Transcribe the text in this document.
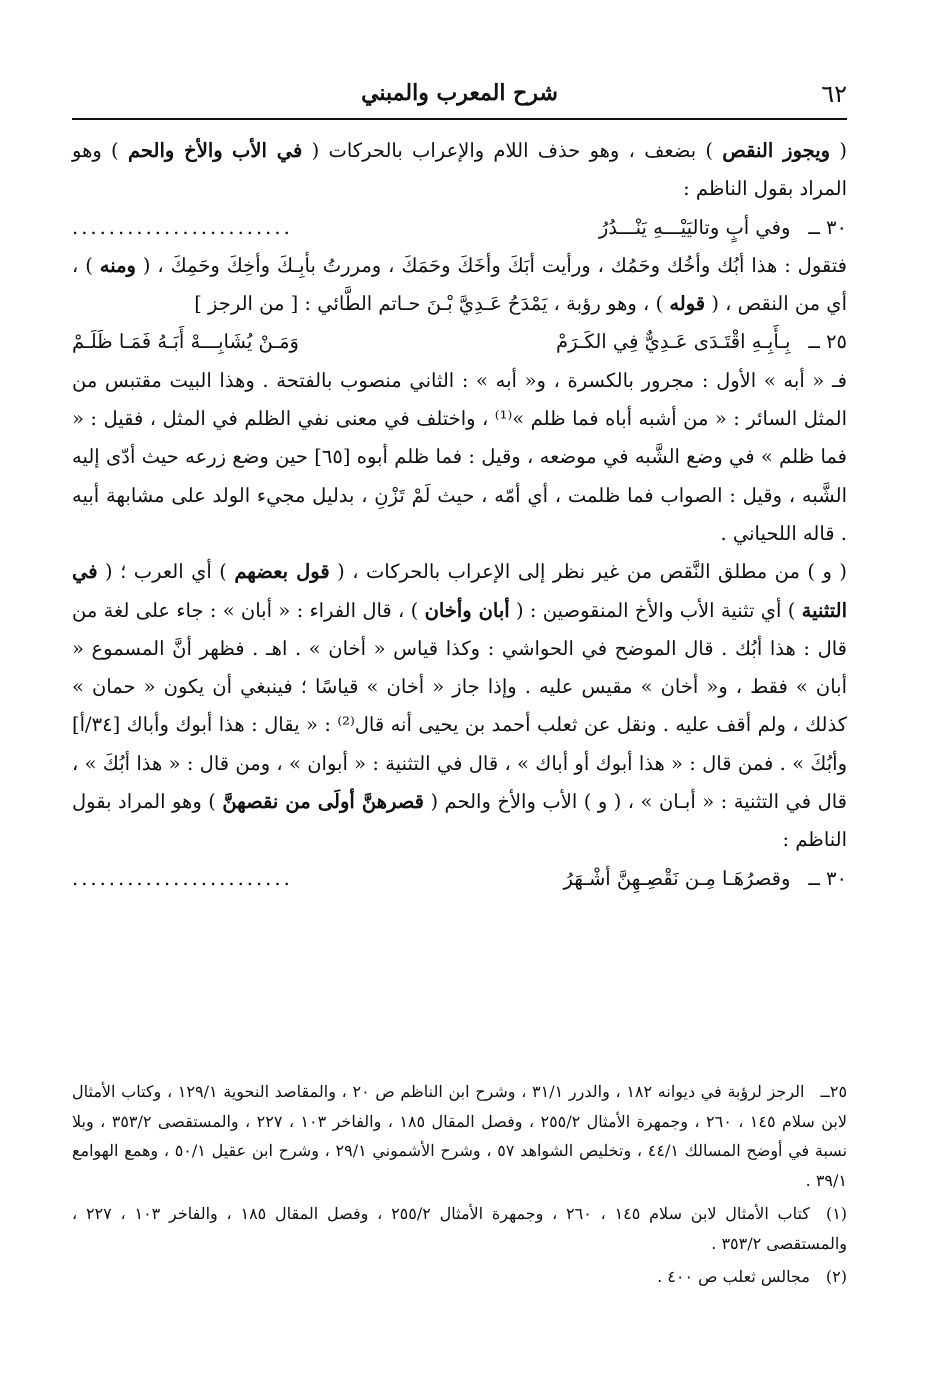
٦٢
شرح المعرب والمبني

( ويجوز النقص ) بضعف ، وهو حذف اللام والإعراب بالحركات ( في الأب والأخ والحم ) وهو المراد بقول الناظم :

٣٠ ــوفي أبٍ وتاليَيْـــهِ يَنْـــدُرُ
........................

فتقول : هذا أبُك وأخُك وحَمُك ، ورأيت أبَكَ وأخَكَ وحَمَكَ ، ومررتُ بأبِـكَ وأخِكَ وحَمِكَ ، ( ومنه ) ، أي من النقص ، ( قوله ) ، وهو رؤبة ، يَمْدَحُ عَـدِيَّ بْـنَ حـاتم الطَّائي : [ من الرجز ]

٢٥ ــبِـأَبِـهِ اقْتَـدَى عَـدِيٌّ فِي الكَـرَمْ
وَمَـنْ يُشَابِـــهْ أَبَـهُ فَمَـا ظَلَـمْ

فـ « أبه » الأول : مجرور بالكسرة ، و« أبه » : الثاني منصوب بالفتحة . وهذا البيت مقتبس من المثل السائر : « من أشبه أباه فما ظلم »⁽¹⁾ ، واختلف في معنى نفي الظلم في المثل ، فقيل : « فما ظلم » في وضع الشَّبه في موضعه ، وقيل : فما ظلم أبوه [٦٥] حين وضع زرعه حيث أدّى إليه الشَّبه ، وقيل : الصواب فما ظلمت ، أي أمّه ، حيث لَمْ تَزْنِ ، بدليل مجيء الولد على مشابهة أبيه . قاله اللحياني .

( و ) من مطلق النَّقص من غير نظر إلى الإعراب بالحركات ، ( قول بعضهم ) أي العرب ؛ ( في التثنية ) أي تثنية الأب والأخ المنقوصين : ( أبان وأخان ) ، قال الفراء : « أبان » : جاء على لغة من قال : هذا أبُك . قال الموضح في الحواشي : وكذا قياس « أخان » . اهـ . فظهر أنَّ المسموع « أبان » فقط ، و« أخان » مقيس عليه . وإذا جاز « أخان » قياسًا ؛ فينبغي أن يكون « حمان » كذلك ، ولم أقف عليه . ونقل عن ثعلب أحمد بن يحيى أنه قال⁽²⁾ : « يقال : هذا أبوك وأباك [٣٤/أ] وأبُكَ » . فمن قال : « هذا أبوك أو أباك » ، قال في التثنية : « أبوان » ، ومن قال : « هذا أبُكَ » ، قال في التثنية : « أبـان » ، ( و ) الأب والأخ والحم ( قصرهنَّ أولَى من نقصهنَّ ) وهو المراد بقول الناظم :

٣٠ ــوقصرُهَـا مِـن نَقْصِـهِنَّ أشْـهَرُ
........................

٢٥ــالرجز لرؤبة في ديوانه ١٨٢ ، والدرر ٣١/١ ، وشرح ابن الناظم ص ٢٠ ، والمقاصد النحوية ١٢٩/١ ، وكتاب الأمثال لابن سلام ١٤٥ ، ٢٦٠ ، وجمهرة الأمثال ٢٥٥/٢ ، وفصل المقال ١٨٥ ، والفاخر ١٠٣ ، ٢٢٧ ، والمستقصى ٣٥٣/٢ ، وبلا نسبة في أوضح المسالك ٤٤/١ ، وتخليص الشواهد ٥٧ ، وشرح الأشموني ٢٩/١ ، وشرح ابن عقيل ٥٠/١ ، وهمع الهوامع ٣٩/١ .

(١)كتاب الأمثال لابن سلام ١٤٥ ، ٢٦٠ ، وجمهرة الأمثال ٢٥٥/٢ ، وفصل المقال ١٨٥ ، والفاخر ١٠٣ ، ٢٢٧ ، والمستقصى ٣٥٣/٢ .

(٢)مجالس ثعلب ص ٤٠٠ .
